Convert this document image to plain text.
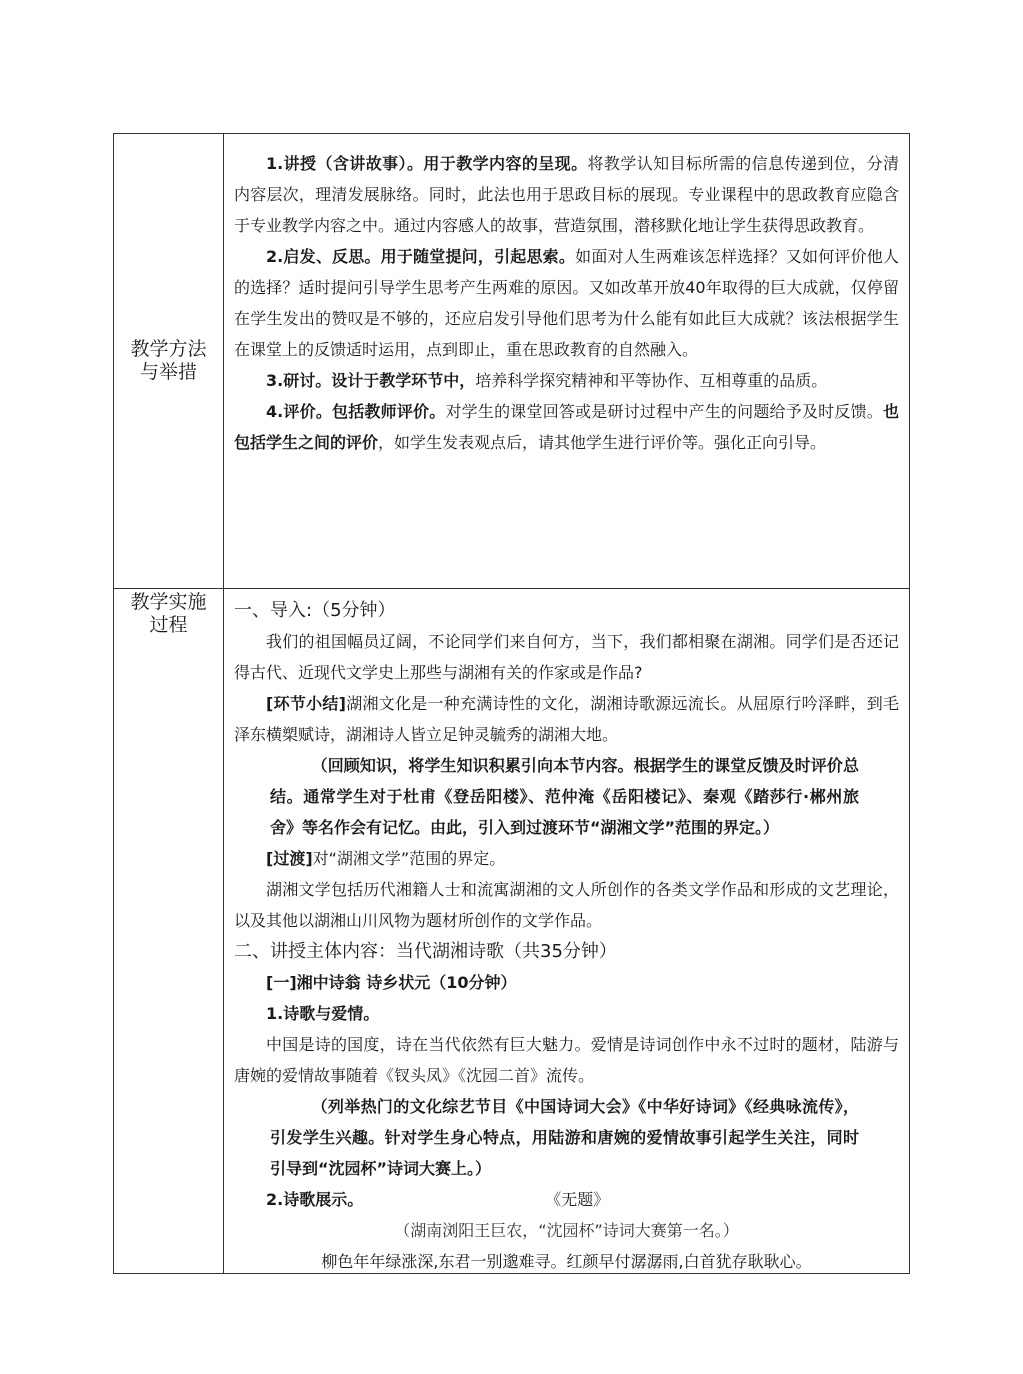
教学方法与举措

1.讲授（含讲故事）。用于教学内容的呈现。将教学认知目标所需的信息传递到位，分清内容层次，理清发展脉络。同时，此法也用于思政目标的展现。专业课程中的思政教育应隐含于专业教学内容之中。通过内容感人的故事，营造氛围，潜移默化地让学生获得思政教育。

2.启发、反思。用于随堂提问，引起思索。如面对人生两难该怎样选择？又如何评价他人的选择？适时提问引导学生思考产生两难的原因。又如改革开放40年取得的巨大成就，仅停留在学生发出的赞叹是不够的，还应启发引导他们思考为什么能有如此巨大成就？该法根据学生在课堂上的反馈适时运用，点到即止，重在思政教育的自然融入。

3.研讨。设计于教学环节中，培养科学探究精神和平等协作、互相尊重的品质。

4.评价。包括教师评价。对学生的课堂回答或是研讨过程中产生的问题给予及时反馈。也包括学生之间的评价，如学生发表观点后，请其他学生进行评价等。强化正向引导。

教学实施过程

一、导入:（5分钟）

我们的祖国幅员辽阔，不论同学们来自何方，当下，我们都相聚在湖湘。同学们是否还记得古代、近现代文学史上那些与湖湘有关的作家或是作品?

[环节小结]湖湘文化是一种充满诗性的文化，湖湘诗歌源远流长。从屈原行吟泽畔，到毛泽东横槊赋诗，湖湘诗人皆立足钟灵毓秀的湖湘大地。

（回顾知识，将学生知识积累引向本节内容。根据学生的课堂反馈及时评价总结。通常学生对于杜甫《登岳阳楼》、范仲淹《岳阳楼记》、秦观《踏莎行·郴州旅舍》等名作会有记忆。由此，引入到过渡环节“湖湘文学”范围的界定。）

[过渡]对“湖湘文学”范围的界定。

湖湘文学包括历代湘籍人士和流寓湖湘的文人所创作的各类文学作品和形成的文艺理论，以及其他以湖湘山川风物为题材所创作的文学作品。

二、讲授主体内容：当代湖湘诗歌（共35分钟）

[一]湘中诗翁 诗乡状元（10分钟）

1.诗歌与爱情。

中国是诗的国度，诗在当代依然有巨大魅力。爱情是诗词创作中永不过时的题材，陆游与唐婉的爱情故事随着《钗头凤》《沈园二首》流传。

（列举热门的文化综艺节目《中国诗词大会》《中华好诗词》《经典咏流传》，引发学生兴趣。针对学生身心特点，用陆游和唐婉的爱情故事引起学生关注，同时引导到“沈园杯”诗词大赛上。）

2.诗歌展示。	《无题》

（湖南浏阳王巨农，“沈园杯”诗词大赛第一名。）

柳色年年绿涨深,东君一别邈难寻。红颜早付潺潺雨,白首犹存耿耿心。
